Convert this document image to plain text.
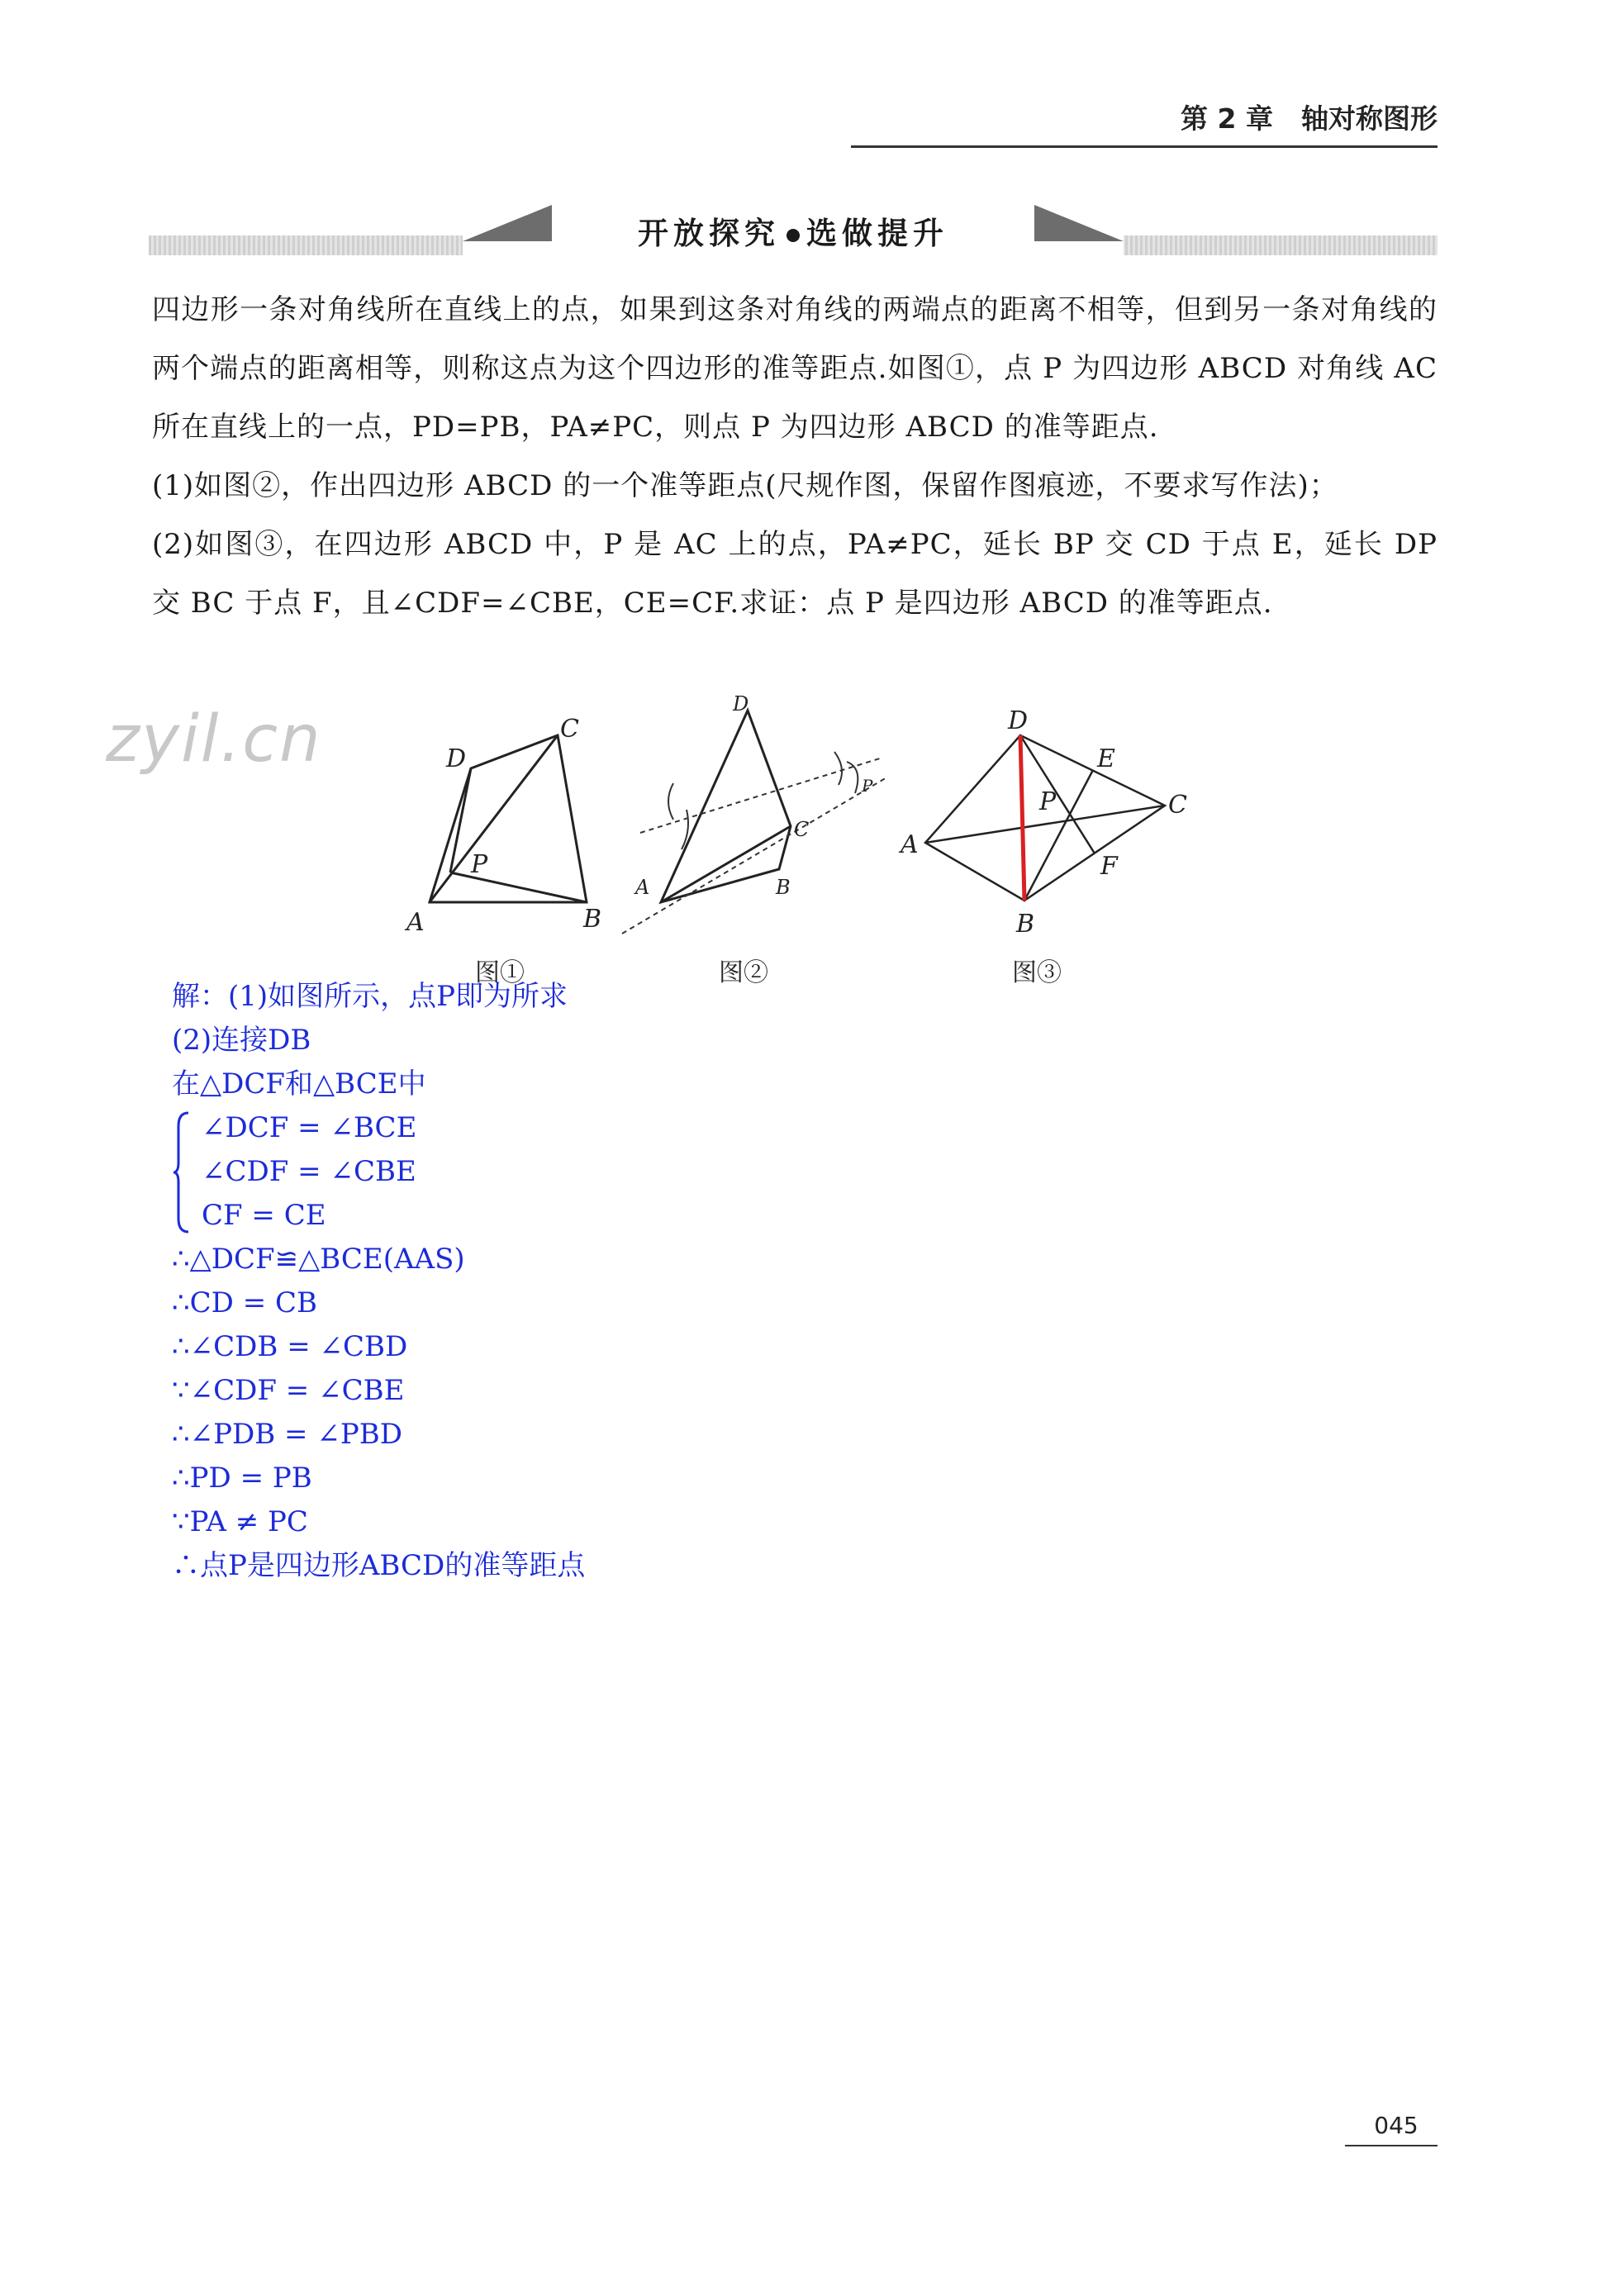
第 2 章 轴对称图形
开放探究 选做提升

四边形一条对角线所在直线上的点，如果到这条对角线的两端点的距离不相等，但到另一条对角线的两个端点的距离相等，则称这点为这个四边形的准等距点.如图①，点 P 为四边形 ABCD 对角线 AC 所在直线上的一点，PD=PB，PA≠PC，则点 P 为四边形 ABCD 的准等距点.

(1)如图②，作出四边形 ABCD 的一个准等距点(尺规作图，保留作图痕迹，不要求写作法)；

(2)如图③，在四边形 ABCD 中，P 是 AC 上的点，PA≠PC，延长 BP 交 CD 于点 E，延长 DP 交 BC 于点 F，且∠CDF=∠CBE，CE=CF.求证：点 P 是四边形 ABCD 的准等距点.

zyil.cn
A	B
C
D
P
图①
A	B
C
D
P
图②
A
B
C
D
E
F
P
图③
解：(1)如图所示，点P即为所求
(2)连接DB
在△DCF和△BCE中
∠DCF = ∠BCE
∠CDF = ∠CBE
CF = CE
∴△DCF≌△BCE(AAS)
∴CD = CB
∴∠CDB = ∠CBD
∵∠CDF = ∠CBE
∴∠PDB = ∠PBD
∴PD = PB
∵PA ≠ PC
∴点P是四边形ABCD的准等距点
045
